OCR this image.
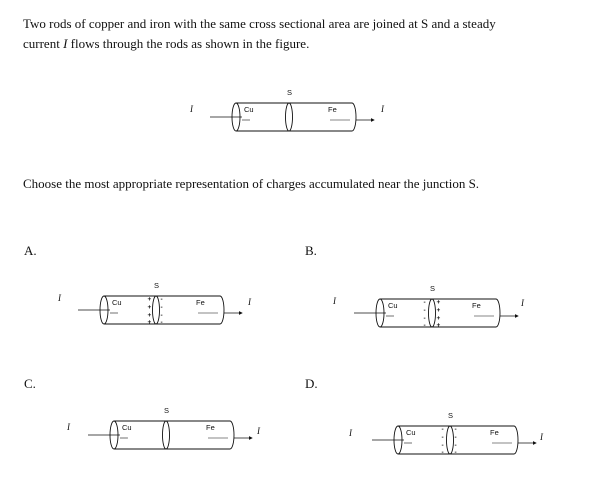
Two rods of copper and iron with the same cross sectional area are joined at S and a steady
current I flows through the rods as shown in the figure.
Choose the most appropriate representation of charges accumulated near the junction S.
A.	B.
C.	D.
I
S
Cu	Fe	I
I
S
Cu	Fe	I
+
+
+
+
-
-
-
-
I
S
Cu	Fe	I
-
-
-
-
+
+
+
+
I
S
Cu	Fe	I	I
S
Cu	Fe	I
-
-
-
-
-
-
-
-
